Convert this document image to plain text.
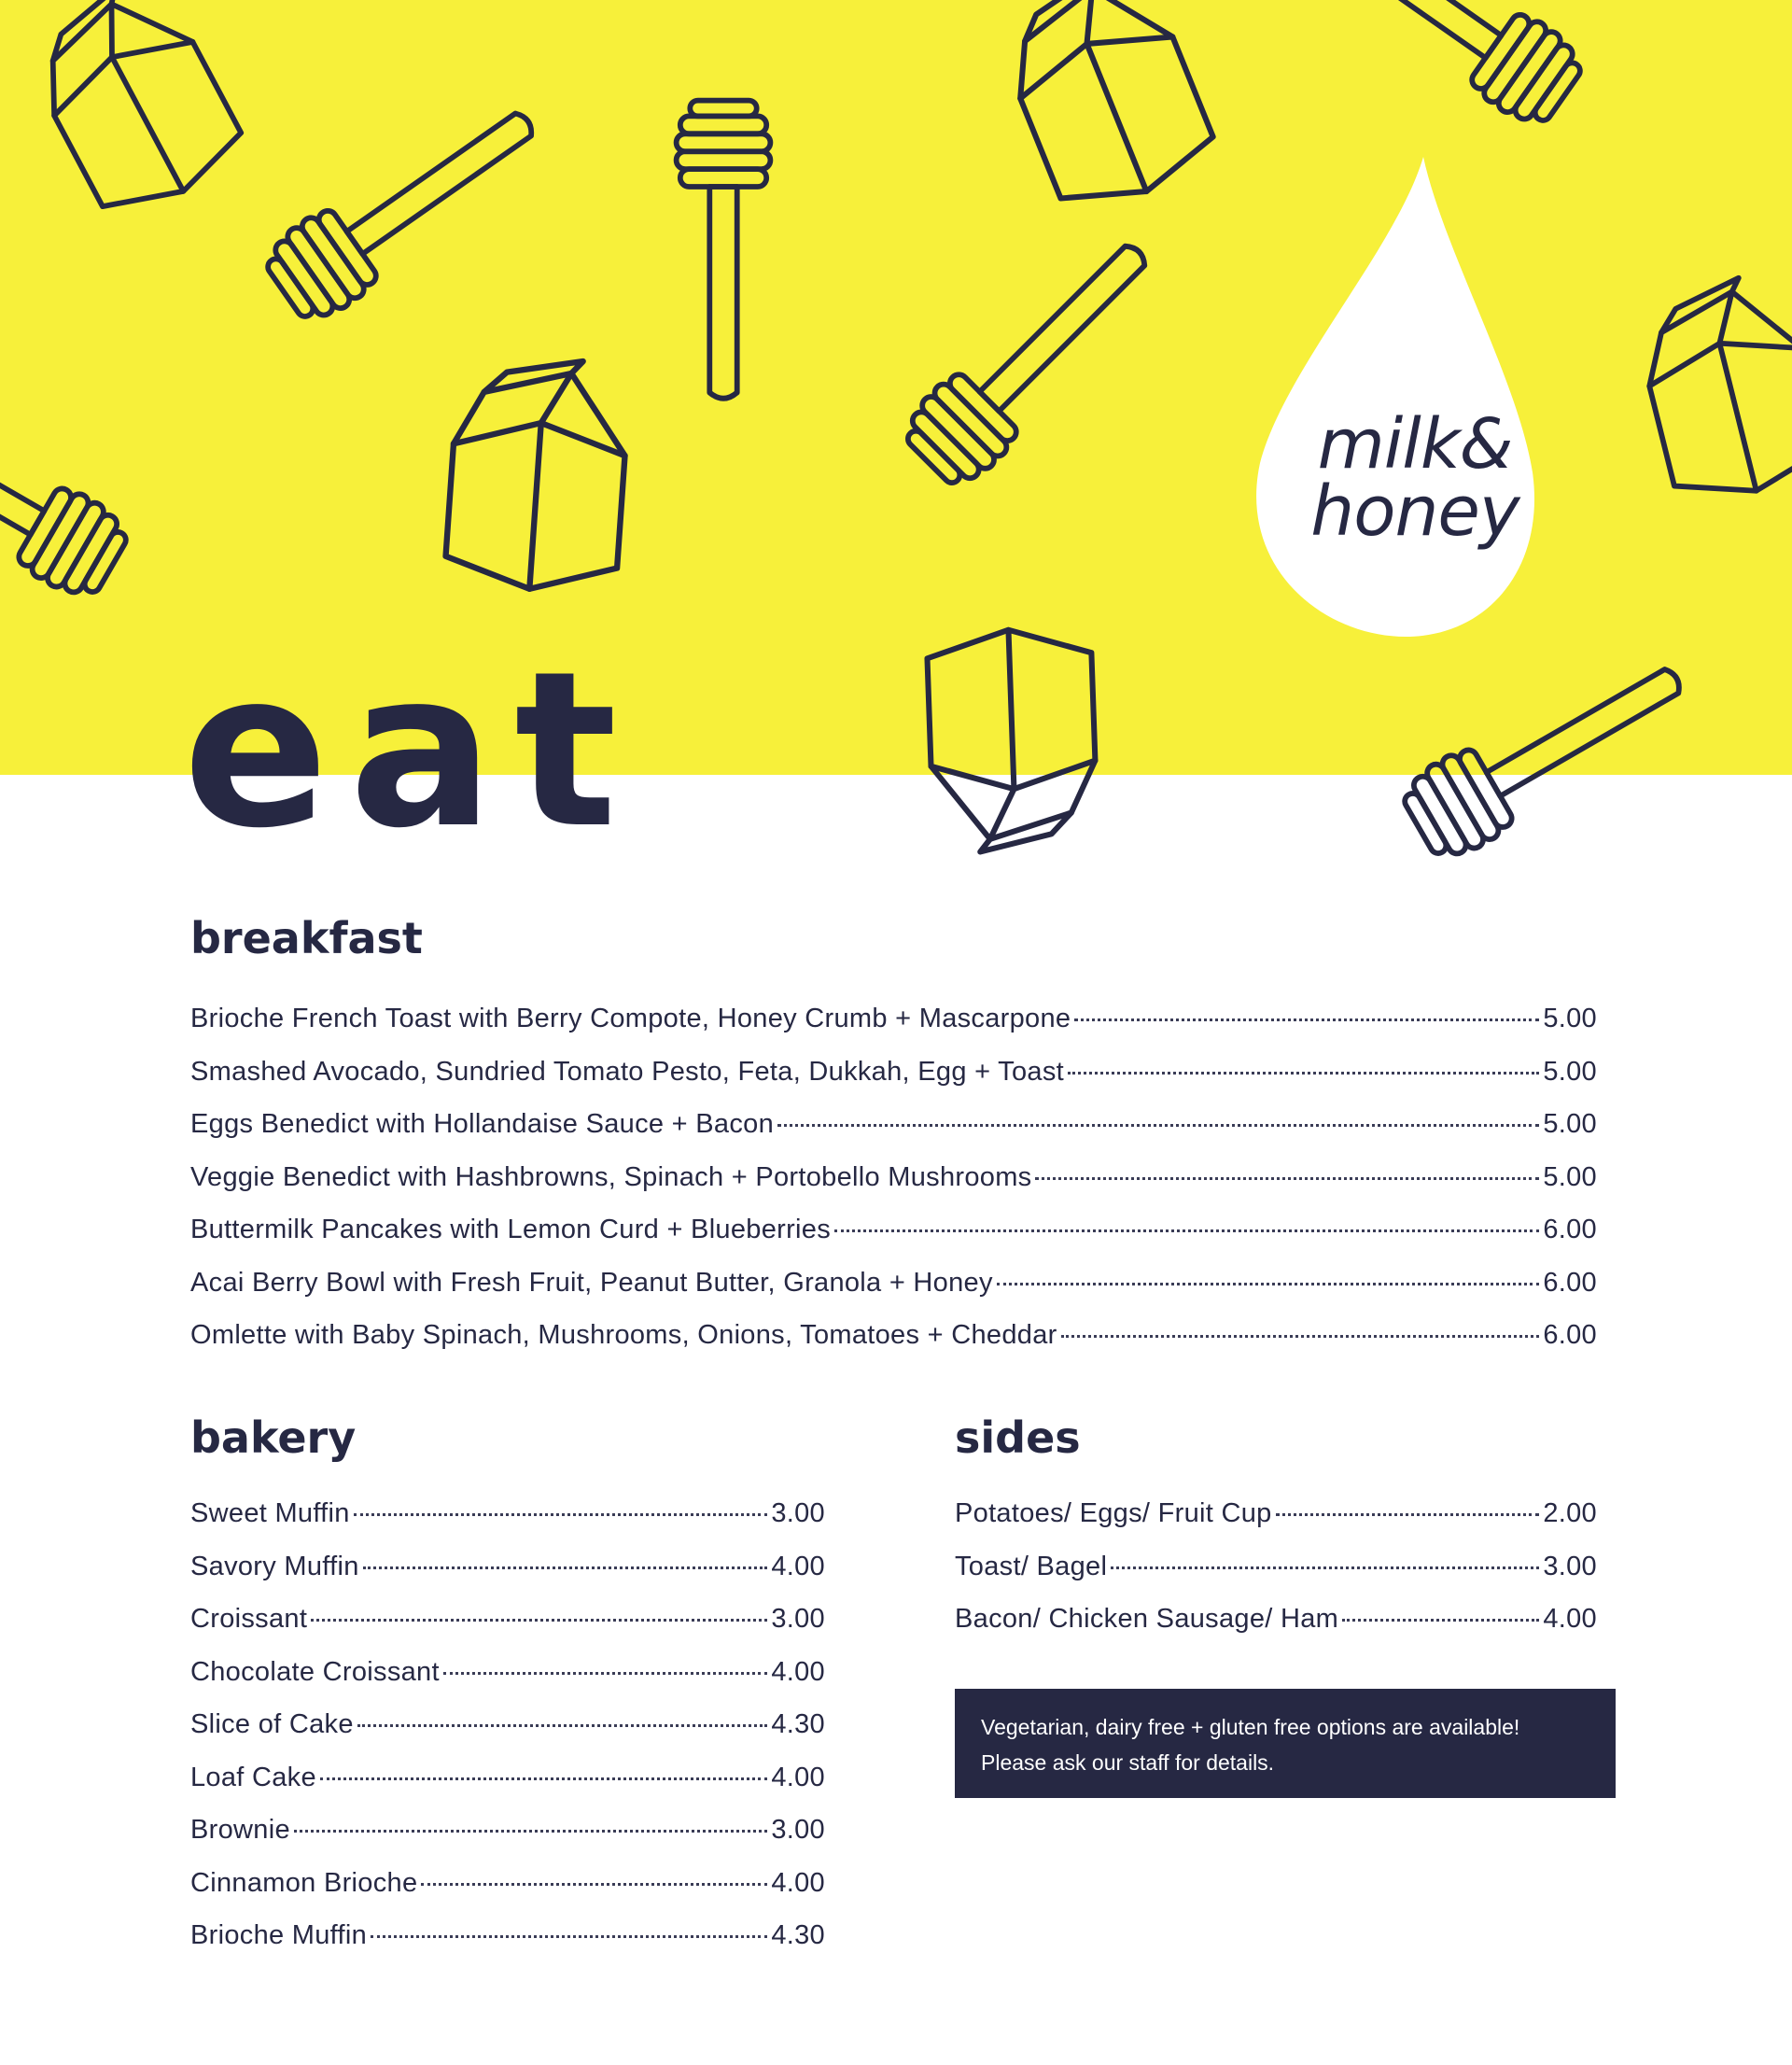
milk&
honey
eat
breakfast
Brioche French Toast with Berry Compote, Honey Crumb + Mascarpone	5.00
Smashed Avocado, Sundried Tomato Pesto, Feta, Dukkah, Egg + Toast	5.00
Eggs Benedict with Hollandaise Sauce + Bacon	5.00
Veggie Benedict with Hashbrowns, Spinach + Portobello Mushrooms	5.00
Buttermilk Pancakes with Lemon Curd + Blueberries	6.00
Acai Berry Bowl with Fresh Fruit, Peanut Butter, Granola + Honey	6.00
Omlette with Baby Spinach, Mushrooms, Onions, Tomatoes + Cheddar	6.00
bakery
Sweet Muffin	3.00
Savory Muffin	4.00
Croissant	3.00
Chocolate Croissant	4.00
Slice of Cake	4.30
Loaf Cake	4.00
Brownie	3.00
Cinnamon Brioche	4.00
Brioche Muffin	4.30
sides
Potatoes/ Eggs/ Fruit Cup	2.00
Toast/ Bagel	3.00
Bacon/ Chicken Sausage/ Ham	4.00
Vegetarian, dairy free + gluten free options are available!
Please ask our staff for details.
